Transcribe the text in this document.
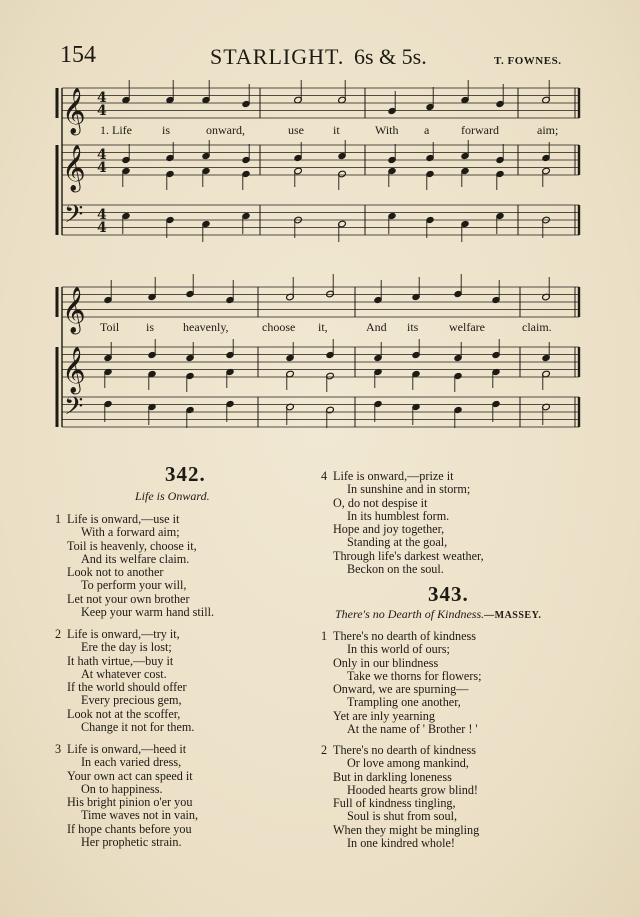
154	STARLIGHT. 6s & 5s.	T. FOWNES.
𝄞
𝄞
𝄢
4
4
4
4
4
4
𝄞
𝄞
𝄢
1. Life	is	onward,	use it	With a	forward	aim;
Toil is heavenly,	choose it,	And its	welfare	claim.
342.
Life is Onward.
1 Life is onward,—use it
With a forward aim;
Toil is heavenly, choose it,
And its welfare claim.
Look not to another
To perform your will,
Let not your own brother
Keep your warm hand still.
2 Life is onward,—try it,
Ere the day is lost;
It hath virtue,—buy it
At whatever cost.
If the world should offer
Every precious gem,
Look not at the scoffer,
Change it not for them.
3 Life is onward,—heed it
In each varied dress,
Your own act can speed it
On to happiness.
His bright pinion o'er you
Time waves not in vain,
If hope chants before you
Her prophetic strain.
4 Life is onward,—prize it
In sunshine and in storm;
O, do not despise it
In its humblest form.
Hope and joy together,
Standing at the goal,
Through life's darkest weather,
Beckon on the soul.
343.
There's no Dearth of Kindness.—MASSEY.
1 There's no dearth of kindness
In this world of ours;
Only in our blindness
Take we thorns for flowers;
Onward, we are spurning—
Trampling one another,
Yet are inly yearning
At the name of ' Brother ! '
2 There's no dearth of kindness
Or love among mankind,
But in darkling loneness
Hooded hearts grow blind!
Full of kindness tingling,
Soul is shut from soul,
When they might be mingling
In one kindred whole!
